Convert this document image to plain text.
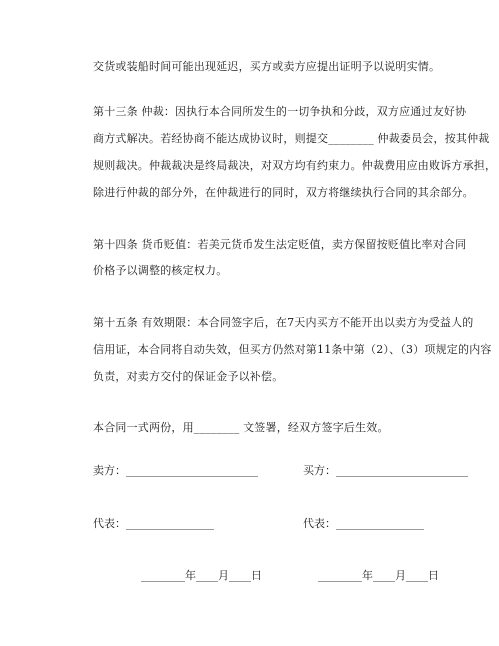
交货或装船时间可能出现延迟，买方或卖方应提出证明予以说明实情。
第十三条 仲裁：因执行本合同所发生的一切争执和分歧，双方应通过友好协
商方式解决。若经协商不能达成协议时，则提交________ 仲裁委员会，按其仲裁
规则裁决。仲裁裁决是终局裁决，对双方均有约束力。仲裁费用应由败诉方承担，
除进行仲裁的部分外，在仲裁进行的同时，双方将继续执行合同的其余部分。
第十四条 货币贬值：若美元货币发生法定贬值，卖方保留按贬值比率对合同
价格予以调整的核定权力。
第十五条 有效期限：本合同签字后，在7天内买方不能开出以卖方为受益人的
信用证，本合同将自动失效，但买方仍然对第11条中第（2）、（3）项规定的内容
负责，对卖方交付的保证金予以补偿。
本合同一式两份，用________ 文签署，经双方签字后生效。
卖方：________________________	买方：________________________
代表：________________	代表：________________
________年____月____日	________年____月____日
